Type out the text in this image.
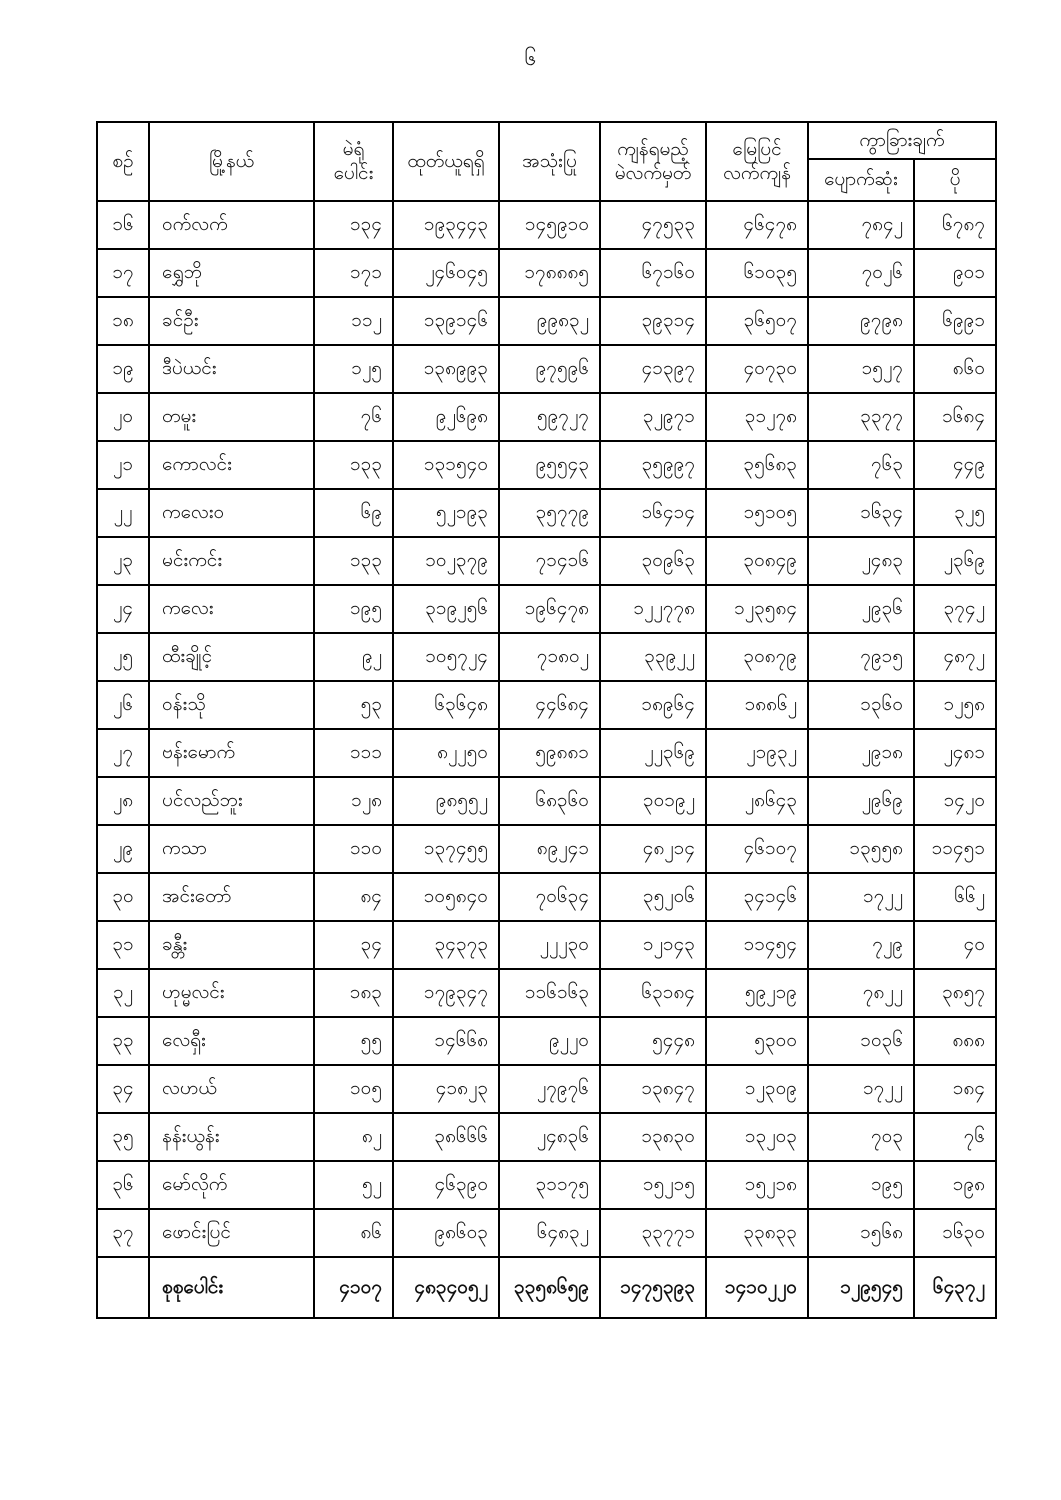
၆
စဉ်	မြို့နယ်	မဲရုံ
ပေါင်း	ထုတ်ယူရရှိ	အသုံးပြု	ကျန်ရမည့်
မဲလက်မှတ်	မြေပြင်
လက်ကျန်	ကွာခြားချက်	
							ပျောက်ဆုံး	ပို
၁၆	ဝက်လက်	၁၃၄	၁၉၃၄၄၃	၁၄၅၉၁၀	၄၇၅၃၃	၄၆၄၇၈	၇၈၄၂	၆၇၈၇
၁၇	ရွှေဘို	၁၇၁	၂၄၆၀၄၅	၁၇၈၈၈၅	၆၇၁၆၀	၆၁၀၃၅	၇၀၂၆	၉၀၁
၁၈	ခင်ဦး	၁၁၂	၁၃၉၁၄၆	၉၉၈၃၂	၃၉၃၁၄	၃၆၅၀၇	၉၇၉၈	၆၉၉၁
၁၉	ဒီပဲယင်း	၁၂၅	၁၃၈၉၉၃	၉၇၅၉၆	၄၁၃၉၇	၄၀၇၃၀	၁၅၂၇	၈၆၀
၂၀	တမူး	၇၆	၉၂၆၉၈	၅၉၇၂၇	၃၂၉၇၁	၃၁၂၇၈	၃၃၇၇	၁၆၈၄
၂၁	ကောလင်း	၁၃၃	၁၃၁၅၄၀	၉၅၅၄၃	၃၅၉၉၇	၃၅၆၈၃	၇၆၃	၄၄၉
၂၂	ကလေးဝ	၆၉	၅၂၁၉၃	၃၅၇၇၉	၁၆၄၁၄	၁၅၁၀၅	၁၆၃၄	၃၂၅
၂၃	မင်းကင်း	၁၃၃	၁၀၂၃၇၉	၇၁၄၁၆	၃၀၉၆၃	၃၀၈၄၉	၂၄၈၃	၂၃၆၉
၂၄	ကလေး	၁၉၅	၃၁၉၂၅၆	၁၉၆၄၇၈	၁၂၂၇၇၈	၁၂၃၅၈၄	၂၉၃၆	၃၇၄၂
၂၅	ထီးချိုင့်	၉၂	၁၀၅၇၂၄	၇၁၈၀၂	၃၃၉၂၂	၃၀၈၇၉	၇၉၁၅	၄၈၇၂
၂၆	ဝန်းသို	၅၃	၆၃၆၄၈	၄၄၆၈၄	၁၈၉၆၄	၁၈၈၆၂	၁၃၆၀	၁၂၅၈
၂၇	ဗန်းမောက်	၁၁၁	၈၂၂၅၀	၅၉၈၈၁	၂၂၃၆၉	၂၁၉၃၂	၂၉၁၈	၂၄၈၁
၂၈	ပင်လည်ဘူး	၁၂၈	၉၈၅၅၂	၆၈၃၆၀	၃၀၁၉၂	၂၈၆၄၃	၂၉၆၉	၁၄၂၀
၂၉	ကသာ	၁၁၀	၁၃၇၄၅၅	၈၉၂၄၁	၄၈၂၁၄	၄၆၁၀၇	၁၃၅၅၈	၁၁၄၅၁
၃၀	အင်းတော်	၈၄	၁၀၅၈၄၀	၇၀၆၃၄	၃၅၂၀၆	၃၄၁၄၆	၁၇၂၂	၆၆၂
၃၁	ခန္တီး	၃၄	၃၄၃၇၃	၂၂၂၃၀	၁၂၁၄၃	၁၁၄၅၄	၇၂၉	၄၀
၃၂	ဟုမ္မလင်း	၁၈၃	၁၇၉၃၄၇	၁၁၆၁၆၃	၆၃၁၈၄	၅၉၂၁၉	၇၈၂၂	၃၈၅၇
၃၃	လေရှီး	၅၅	၁၄၆၆၈	၉၂၂၀	၅၄၄၈	၅၃၀၀	၁၀၃၆	၈၈၈
၃၄	လဟယ်	၁၀၅	၄၁၈၂၃	၂၇၉၇၆	၁၃၈၄၇	၁၂၃၀၉	၁၇၂၂	၁၈၄
၃၅	နန်းယွန်း	၈၂	၃၈၆၆၆	၂၄၈၃၆	၁၃၈၃၀	၁၃၂၀၃	၇၀၃	၇၆
၃၆	မော်လိုက်	၅၂	၄၆၃၉၀	၃၁၁၇၅	၁၅၂၁၅	၁၅၂၁၈	၁၉၅	၁၉၈
၃၇	ဖောင်းပြင်	၈၆	၉၈၆၀၃	၆၄၈၃၂	၃၃၇၇၁	၃၃၈၃၃	၁၅၆၈	၁၆၃၀
	စုစုပေါင်း	၄၁၀၇	၄၈၃၄၀၅၂	၃၃၅၈၆၅၉	၁၄၇၅၃၉၃	၁၄၁၀၂၂၀	၁၂၉၅၄၅	၆၄၃၇၂
